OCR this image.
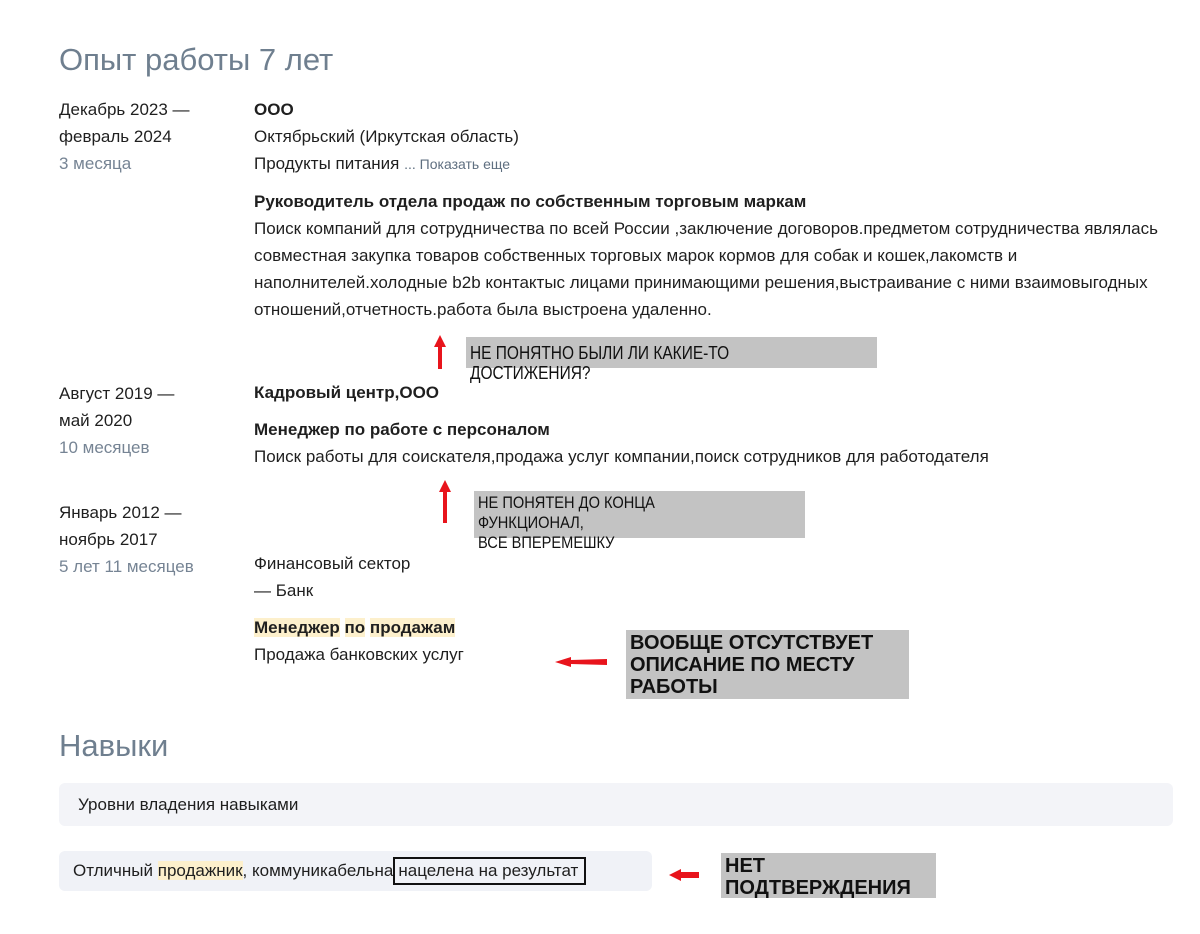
Опыт работы 7 лет
Декабрь 2023 —
февраль 2024
3 месяца
ООО
Октябрьский (Иркутская область)
Продукты питания ... Показать еще
Руководитель отдела продаж по собственным торговым маркам
Поиск компаний для сотрудничества по всей России ,заключение договоров.предметом сотрудничества являлась совместная закупка товаров собственных торговых марок кормов для собак и кошек,лакомств и наполнителей.холодные b2b контактыс лицами принимающими решения,выстраивание с ними взаимовыгодных отношений,отчетность.работа была выстроена удаленно.
НЕ ПОНЯТНО БЫЛИ ЛИ КАКИЕ-ТО ДОСТИЖЕНИЯ?
Август 2019 —
май 2020
10 месяцев
Кадровый центр,ООО
Менеджер по работе с персоналом
Поиск работы для соискателя,продажа услуг компании,поиск сотрудников для работодателя
НЕ ПОНЯТЕН ДО КОНЦА ФУНКЦИОНАЛ,
ВСЕ ВПЕРЕМЕШКУ
Январь 2012 —
ноябрь 2017
5 лет 11 месяцев	Финансовый сектор
— Банк
Менеджер по продажам
Продажа банковских услуг
ВООБЩЕ ОТСУТСТВУЕТ
ОПИСАНИЕ ПО МЕСТУ
РАБОТЫ
Навыки
Уровни владения навыками
Отличный продажник, коммуникабельна нацелена на результат	НЕТ
ПОДТВЕРЖДЕНИЯ
